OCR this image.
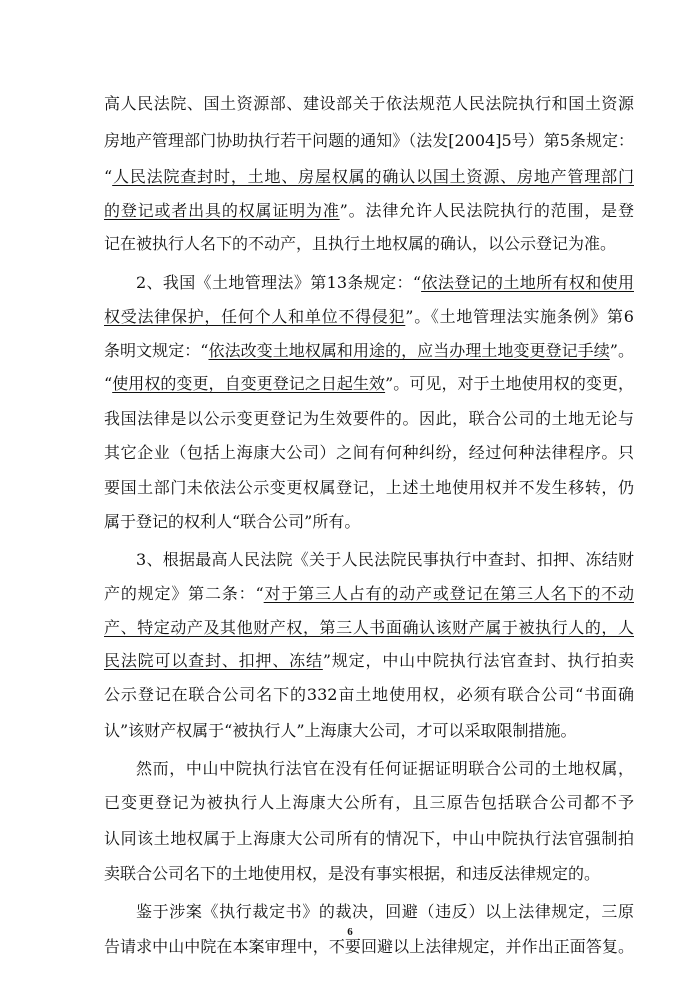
高人民法院、国土资源部、建设部关于依法规范人民法院执行和国土资源
房地产管理部门协助执行若干问题的通知》（法发[2004]5号）第5条规定：
“人民法院查封时，土地、房屋权属的确认以国土资源、房地产管理部门
的登记或者出具的权属证明为准”。法律允许人民法院执行的范围，是登
记在被执行人名下的不动产，且执行土地权属的确认，以公示登记为准。
2、我国《土地管理法》第13条规定：“依法登记的土地所有权和使用
权受法律保护，任何个人和单位不得侵犯”。《土地管理法实施条例》第6
条明文规定：“依法改变土地权属和用途的，应当办理土地变更登记手续”。
“使用权的变更，自变更登记之日起生效”。可见，对于土地使用权的变更，
我国法律是以公示变更登记为生效要件的。因此，联合公司的土地无论与
其它企业（包括上海康大公司）之间有何种纠纷，经过何种法律程序。只
要国土部门未依法公示变更权属登记，上述土地使用权并不发生移转，仍
属于登记的权利人“联合公司”所有。
3、根据最高人民法院《关于人民法院民事执行中查封、扣押、冻结财
产的规定》第二条：“对于第三人占有的动产或登记在第三人名下的不动
产、特定动产及其他财产权，第三人书面确认该财产属于被执行人的，人
民法院可以查封、扣押、冻结”规定，中山中院执行法官查封、执行拍卖
公示登记在联合公司名下的332亩土地使用权，必须有联合公司“书面确
认”该财产权属于“被执行人”上海康大公司，才可以采取限制措施。
然而，中山中院执行法官在没有任何证据证明联合公司的土地权属，
已变更登记为被执行人上海康大公所有，且三原告包括联合公司都不予
认同该土地权属于上海康大公司所有的情况下，中山中院执行法官强制拍
卖联合公司名下的土地使用权，是没有事实根据，和违反法律规定的。
鉴于涉案《执行裁定书》的裁决，回避（违反）以上法律规定，三原
告请求中山中院在本案审理中，不要回避以上法律规定，并作出正面答复。
6
